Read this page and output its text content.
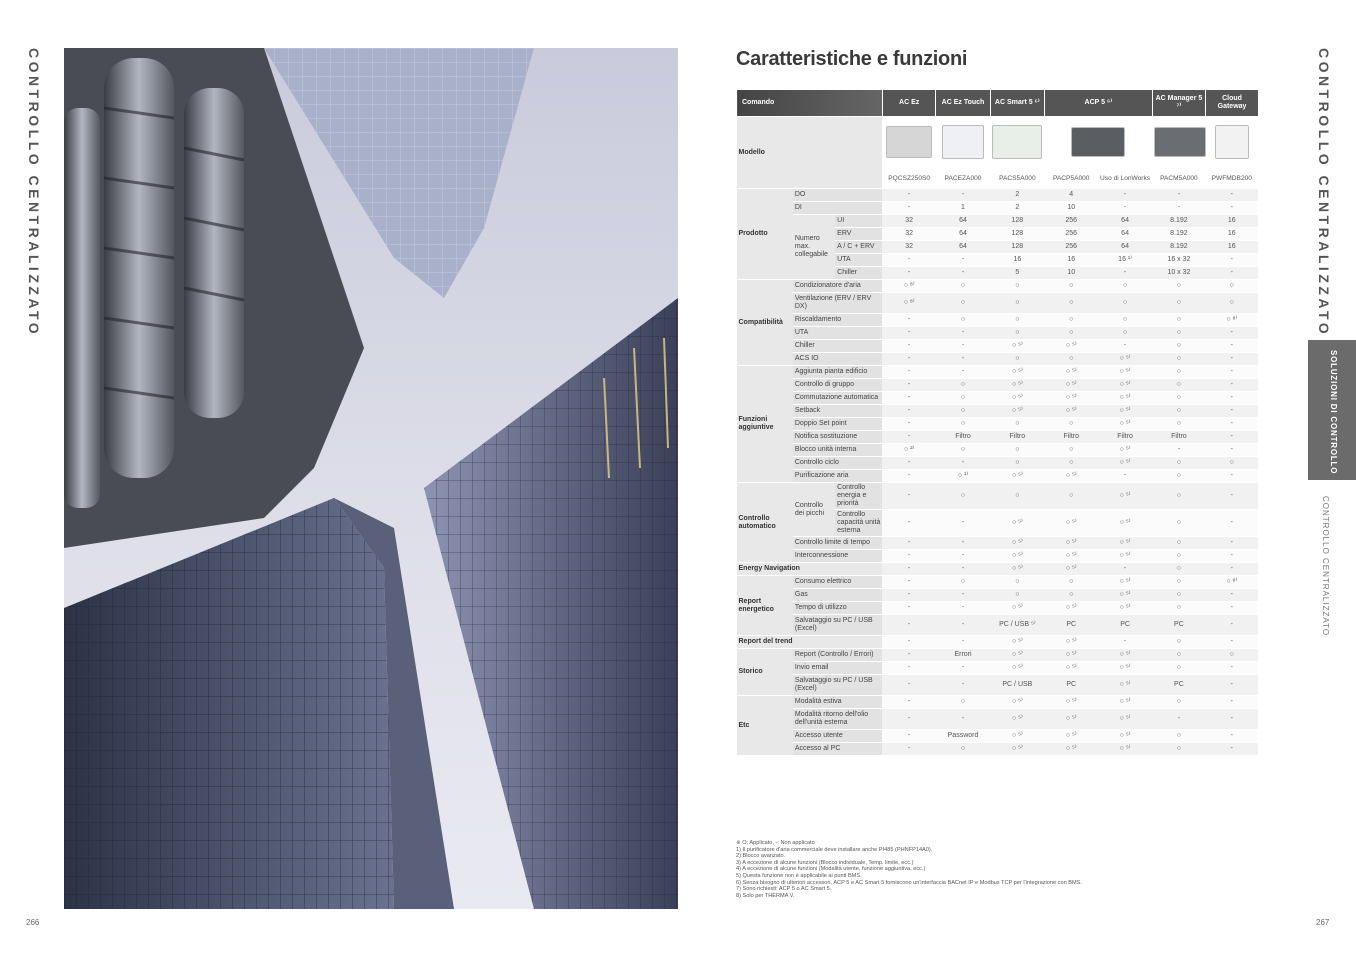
CONTROLLO CENTRALIZZATO
266
Caratteristiche e funzioni
Comando			AC Ez	AC Ez Touch	AC Smart 5 ⁶⁾	ACP 5 ⁶⁾		AC Manager 5 ⁷⁾	Cloud Gateway
Modello									
			PQCSZ250S0	PACEZA000	PACS5A000	PACP5A000	Uso di LonWorks	PACM5A000	PWFMDB200
Prodotto	DO		-	-	2	4	-	-	-
	DI		-	1	2	10	-	-	-
	Numero max. collegabile	UI	32	64	128	256	64	8.192	16
		ERV	32	64	128	256	64	8.192	16
		A / C + ERV	32	64	128	256	64	8.192	16
		UTA	-	-	16	16	16 ¹⁾	16 x 32	-
		Chiller	-	-	5	10	-	10 x 32	-
Compatibilità	Condizionatore d'aria		○ ⁸⁾	○	○	○	○	○	○
	Ventilazione (ERV / ERV DX)		○ ⁸⁾	○	○	○	○	○	○
	Riscaldamento		-	○	○	○	○	○	○ ⁸⁾
	UTA		-	-	○	○	○	○	-
	Chiller		-	-	○ ⁵⁾	○ ⁵⁾	-	○	-
	ACS IO		-	-	○	○	○ ⁵⁾	○	-
Funzioni aggiuntive	Aggiunta pianta edificio		-	-	○ ⁵⁾	○ ⁵⁾	○ ⁵⁾	○	-
	Controllo di gruppo		-	○	○ ⁵⁾	○ ⁵⁾	○ ⁵⁾	○	-
	Commutazione automatica		-	○	○ ⁵⁾	○ ⁵⁾	○ ⁵⁾	○	-
	Setback		-	○	○ ⁵⁾	○ ⁵⁾	○ ⁵⁾	○	-
	Doppio Set point		-	○	○	○	○ ⁵⁾	○	-
	Notifica sostituzione		-	Filtro	Filtro	Filtro	Filtro	Filtro	-
	Blocco unità interna		○ ²⁾	○	○	○	○ ⁵⁾	-	-
	Controllo ciclo		-	-	○	○	○ ⁵⁾	○	○
	Purificazione aria		-	○ ¹⁾	○ ⁵⁾	○ ⁵⁾	-	○	-
Controllo automatico	Controllo dei picchi	Controllo energia e priorità	-	○	○	○	○ ⁵⁾	○	-
		Controllo capacità unità esterna	-	-	○ ⁵⁾	○ ⁵⁾	○ ⁵⁾	○	-
	Controllo limite di tempo		-	-	○ ⁵⁾	○ ⁵⁾	○ ⁵⁾	○	-
	Interconnessione		-	-	○ ⁵⁾	○ ⁵⁾	○ ⁵⁾	○	-
Energy Navigation			-	-	○ ⁵⁾	○ ⁵⁾	-	○	-
Report energetico	Consumo elettrico		-	○	○	○	○ ⁵⁾	○	○ ⁸⁾
	Gas		-	-	○	○	○ ⁵⁾	○	-
	Tempo di utilizzo		-	-	○ ⁵⁾	○ ⁵⁾	○ ⁵⁾	○	-
	Salvataggio su PC / USB (Excel)		-	-	PC / USB ⁵⁾	PC	PC	PC	-
Report del trend			-	-	○ ⁵⁾	○ ⁵⁾	-	○	-
Storico	Report (Controllo / Errori)		-	Errori	○ ⁵⁾	○ ⁵⁾	○ ⁵⁾	○	○
	Invio email		-	-	○ ⁵⁾	○ ⁵⁾	○ ⁵⁾	○	-
	Salvataggio su PC / USB (Excel)		-	-	PC / USB	PC	○ ⁵⁾	PC	-
Etc	Modalità estiva		-	○	○ ⁵⁾	○ ⁵⁾	○ ⁵⁾	○	-
	Modalità ritorno dell'olio dell'unità esterna		-	-	○ ⁵⁾	○ ⁵⁾	○ ⁵⁾	-	-
	Accesso utente		-	Password	○ ⁵⁾	○ ⁵⁾	○ ⁵⁾	○	-
	Accesso al PC		-	○	○ ⁵⁾	○ ⁵⁾	○ ⁵⁾	○	-
※ O: Applicato, -: Non applicato
1) Il purificatore d'aria commerciale deve installare anche PI485 (PHNFP14A0).
2) Blocco avanzato.
3) A eccezione di alcune funzioni (Blocco individuale, Temp. limite, ecc.)
4) A eccezione di alcune funzioni (Modalità utente, funzione aggiuntiva, ecc.)
5) Questa funzione non è applicabile ai punti BMS.
6) Senza bisogno di ulteriori accessori, ACP 5 e AC Smart 5 forniscono un'interfaccia BACnet IP e Modbus TCP per l'integrazione con BMS.
7) Sono richiesti: ACP 5 o AC Smart 5.
8) Solo per THERMA V.
CONTROLLO CENTRALIZZATO
SOLUZIONI DI CONTROLLO
CONTROLLO CENTRALIZZATO
267
